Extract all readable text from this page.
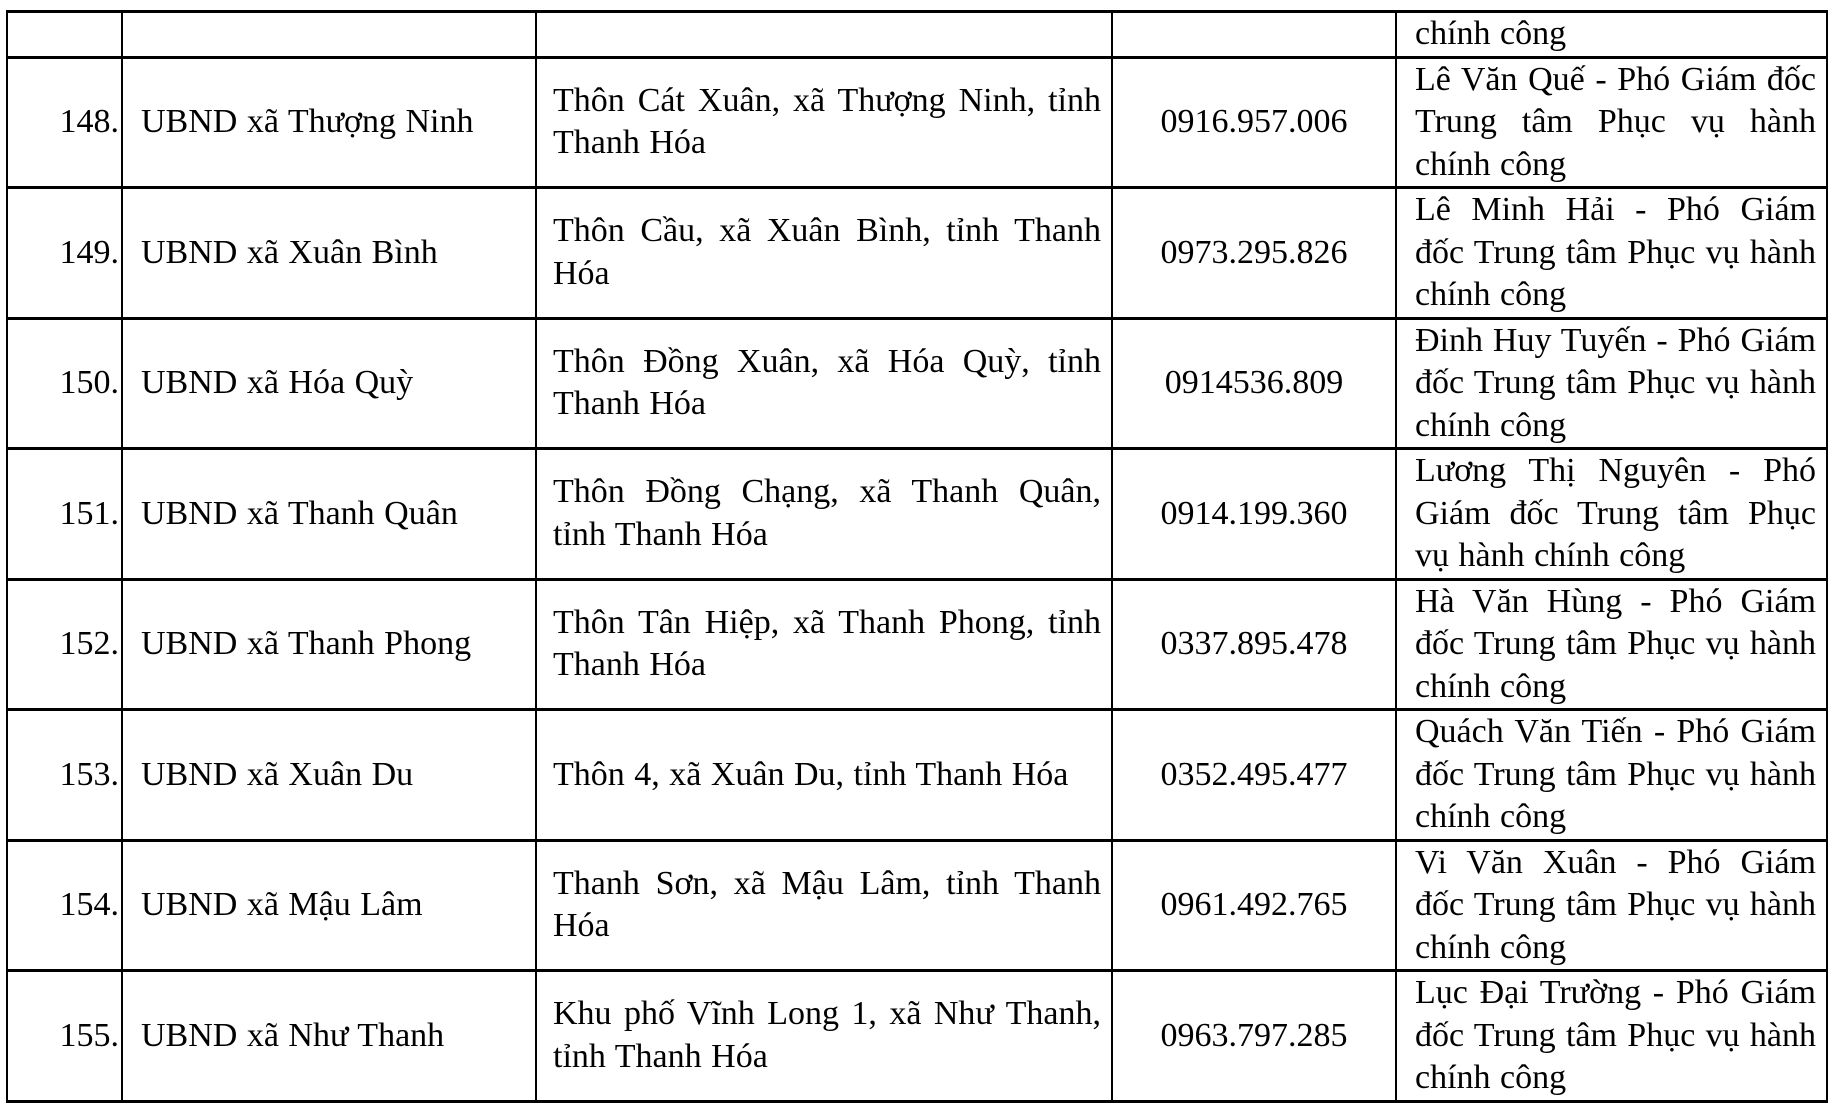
				chính công
148.	UBND xã Thượng Ninh	Thôn Cát Xuân, xã Thượng Ninh, tỉnh Thanh Hóa	0916.957.006	Lê Văn Quế - Phó Giám đốc Trung tâm Phục vụ hành chính công
149.	UBND xã Xuân Bình	Thôn Cầu, xã Xuân Bình, tỉnh Thanh Hóa	0973.295.826	Lê Minh Hải - Phó Giám đốc Trung tâm Phục vụ hành chính công
150.	UBND xã Hóa Quỳ	Thôn Đồng Xuân, xã Hóa Quỳ, tỉnh Thanh Hóa	0914536.809	Đinh Huy Tuyến - Phó Giám đốc Trung tâm Phục vụ hành chính công
151.	UBND xã Thanh Quân	Thôn Đồng Chạng, xã Thanh Quân, tỉnh Thanh Hóa	0914.199.360	Lương Thị Nguyên - Phó Giám đốc Trung tâm Phục vụ hành chính công
152.	UBND xã Thanh Phong	Thôn Tân Hiệp, xã Thanh Phong, tỉnh Thanh Hóa	0337.895.478	Hà Văn Hùng - Phó Giám đốc Trung tâm Phục vụ hành chính công
153.	UBND xã Xuân Du	Thôn 4, xã Xuân Du, tỉnh Thanh Hóa	0352.495.477	Quách Văn Tiến - Phó Giám đốc Trung tâm Phục vụ hành chính công
154.	UBND xã Mậu Lâm	Thanh Sơn, xã Mậu Lâm, tỉnh Thanh Hóa	0961.492.765	Vi Văn Xuân - Phó Giám đốc Trung tâm Phục vụ hành chính công
155.	UBND xã Như Thanh	Khu phố Vĩnh Long 1, xã Như Thanh, tỉnh Thanh Hóa	0963.797.285	Lục Đại Trường - Phó Giám đốc Trung tâm Phục vụ hành chính công
